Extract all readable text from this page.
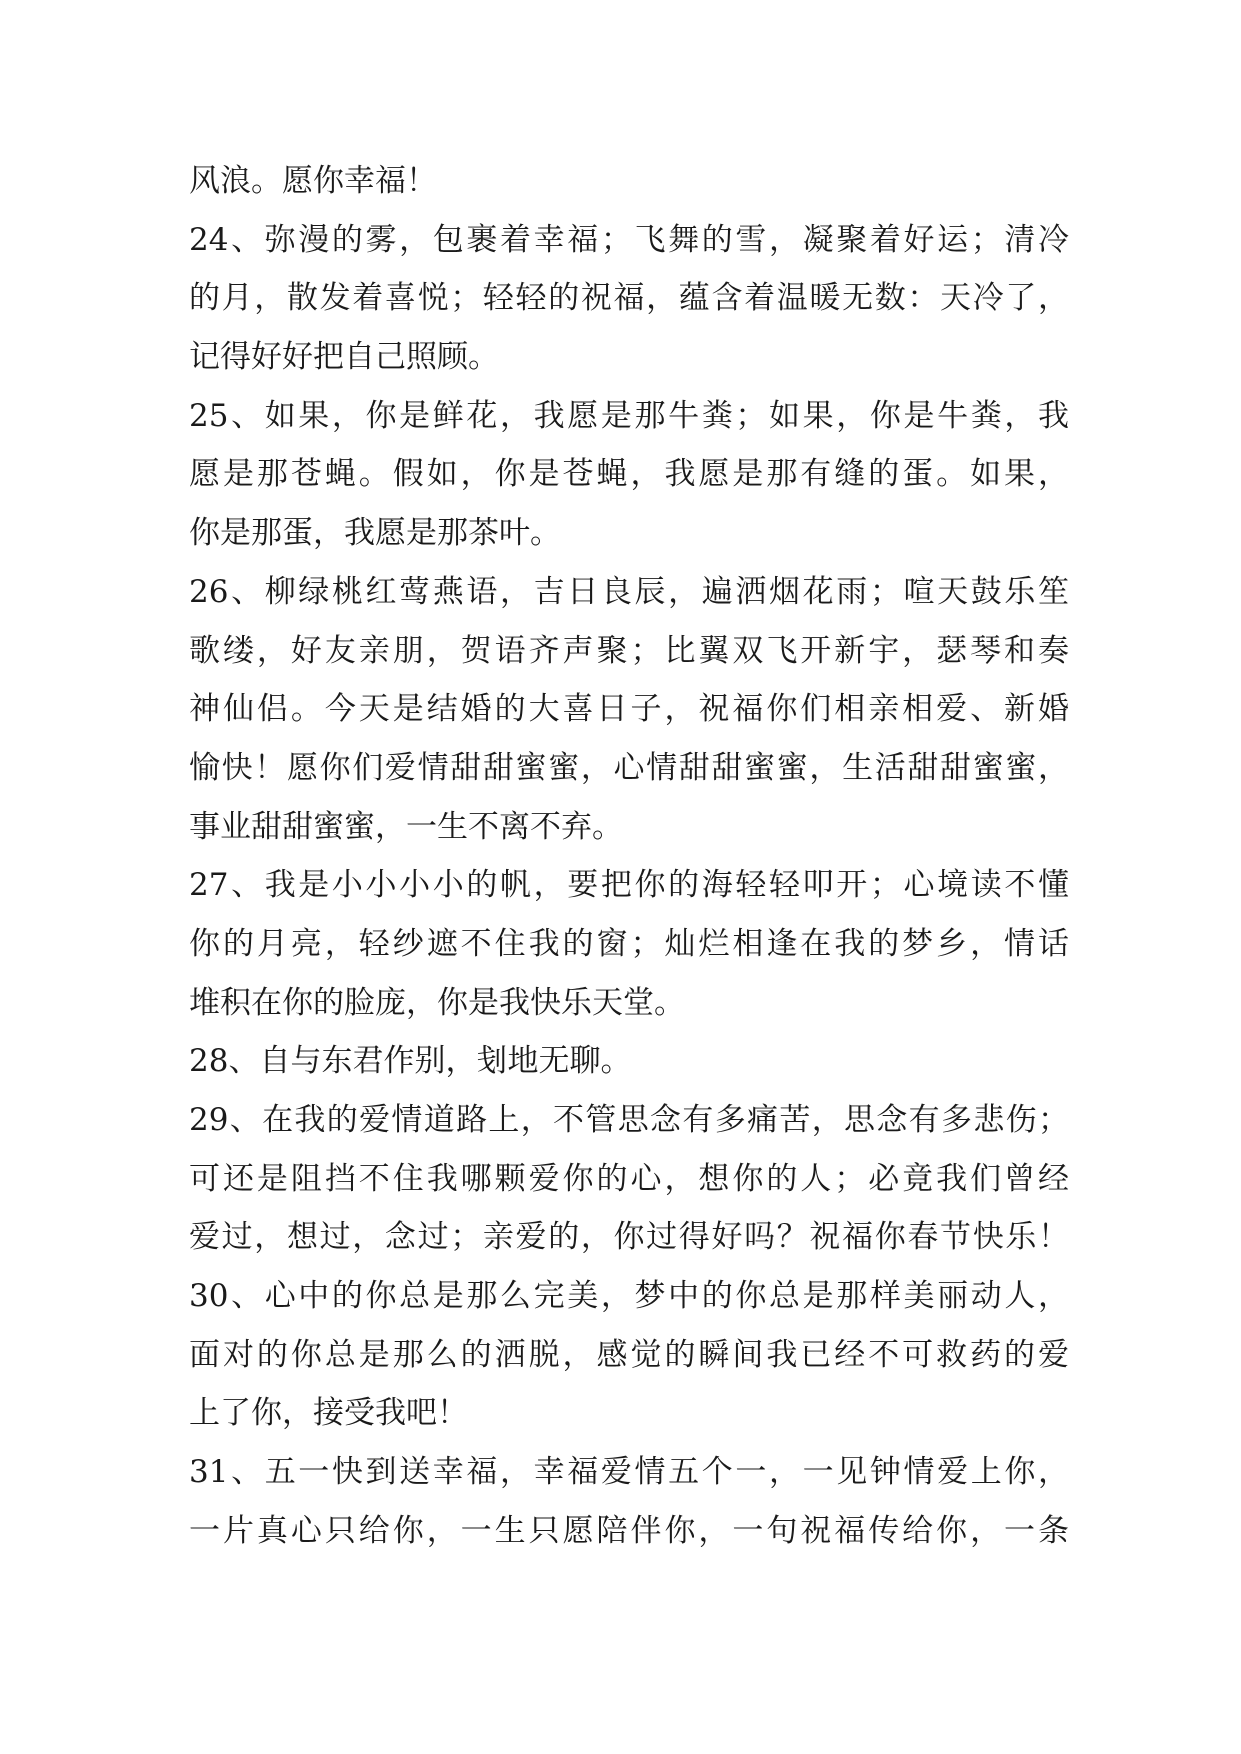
风浪。愿你幸福！
24、弥漫的雾，包裹着幸福；飞舞的雪，凝聚着好运；清冷
的月，散发着喜悦；轻轻的祝福，蕴含着温暖无数：天冷了，
记得好好把自己照顾。
25、如果，你是鲜花，我愿是那牛粪；如果，你是牛粪，我
愿是那苍蝇。假如，你是苍蝇，我愿是那有缝的蛋。如果，
你是那蛋，我愿是那茶叶。
26、柳绿桃红莺燕语，吉日良辰，遍洒烟花雨；喧天鼓乐笙
歌缕，好友亲朋，贺语齐声聚；比翼双飞开新宇，瑟琴和奏
神仙侣。今天是结婚的大喜日子，祝福你们相亲相爱、新婚
愉快！愿你们爱情甜甜蜜蜜，心情甜甜蜜蜜，生活甜甜蜜蜜，
事业甜甜蜜蜜，一生不离不弃。
27、我是小小小小的帆，要把你的海轻轻叩开；心境读不懂
你的月亮，轻纱遮不住我的窗；灿烂相逢在我的梦乡，情话
堆积在你的脸庞，你是我快乐天堂。
28、自与东君作别，刬地无聊。
29、在我的爱情道路上，不管思念有多痛苦，思念有多悲伤；
可还是阻挡不住我哪颗爱你的心，想你的人；必竟我们曾经
爱过，想过，念过；亲爱的，你过得好吗？祝福你春节快乐！
30、心中的你总是那么完美，梦中的你总是那样美丽动人，
面对的你总是那么的洒脱，感觉的瞬间我已经不可救药的爱
上了你，接受我吧！
31、五一快到送幸福，幸福爱情五个一，一见钟情爱上你，
一片真心只给你，一生只愿陪伴你，一句祝福传给你，一条
